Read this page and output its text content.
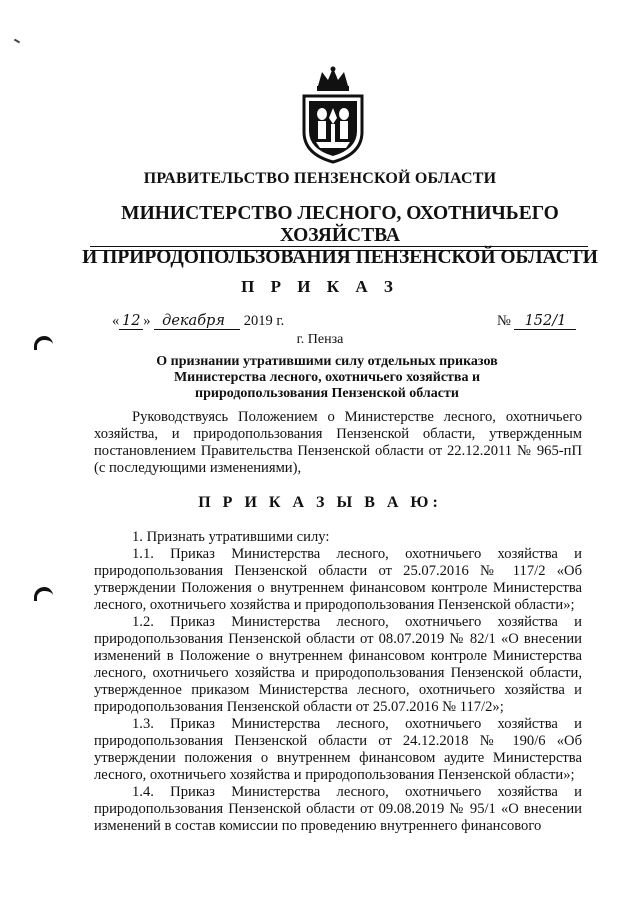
ПРАВИТЕЛЬСТВО ПЕНЗЕНСКОЙ ОБЛАСТИ
МИНИСТЕРСТВО ЛЕСНОГО, ОХОТНИЧЬЕГО ХОЗЯЙСТВА
И ПРИРОДОПОЛЬЗОВАНИЯ ПЕНЗЕНСКОЙ ОБЛАСТИ
П Р И К А З
« 12 » декабря 2019 г.	№ 152/1
г. Пенза
О признании утратившими силу отдельных приказов Министерства лесного, охотничьего хозяйства и природопользования Пензенской области
Руководствуясь Положением о Министерстве лесного, охотничьего хозяйства, и природопользования Пензенской области, утвержденным постановлением Правительства Пензенской области от 22.12.2011 № 965-пП (с последующими изменениями),
П Р И К А З Ы В А Ю:

1. Признать утратившими силу:

1.1. Приказ Министерства лесного, охотничьего хозяйства и природопользования Пензенской области от 25.07.2016 № 117/2 «Об утверждении Положения о внутреннем финансовом контроле Министерства лесного, охотничьего хозяйства и природопользования Пензенской области»;

1.2. Приказ Министерства лесного, охотничьего хозяйства и природопользования Пензенской области от 08.07.2019 № 82/1 «О внесении изменений в Положение о внутреннем финансовом контроле Министерства лесного, охотничьего хозяйства и природопользования Пензенской области, утвержденное приказом Министерства лесного, охотничьего хозяйства и природопользования Пензенской области от 25.07.2016 № 117/2»;

1.3. Приказ Министерства лесного, охотничьего хозяйства и природопользования Пензенской области от 24.12.2018 № 190/6 «Об утверждении положения о внутреннем финансовом аудите Министерства лесного, охотничьего хозяйства и природопользования Пензенской области»;

1.4. Приказ Министерства лесного, охотничьего хозяйства и природопользования Пензенской области от 09.08.2019 № 95/1 «О внесении изменений в состав комиссии по проведению внутреннего финансового
